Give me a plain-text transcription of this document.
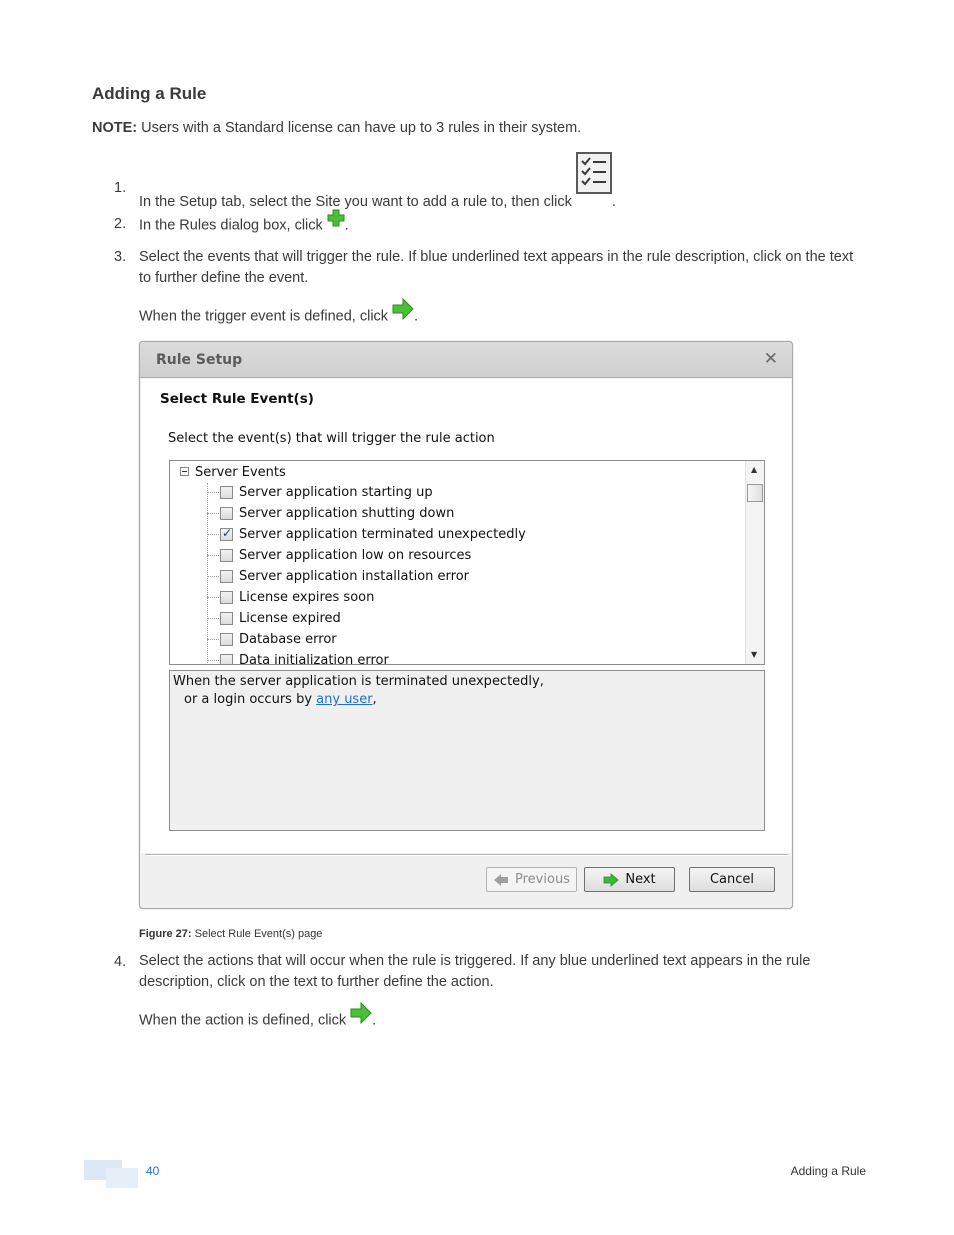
Adding a Rule
NOTE: Users with a Standard license can have up to 3 rules in their system.
1.
In the Setup tab, select the Site you want to add a rule to, then click .
2. In the Rules dialog box, click .
3. Select the events that will trigger the rule. If blue underlined text appears in the rule description, click on the text to further define the event.
When the trigger event is defined, click .
Rule Setup	✕
Select Rule Event(s)
Select the event(s) that will trigger the rule action
Server Events
Server application starting up
Server application shutting down
✓Server application terminated unexpectedly
Server application low on resources
Server application installation error
License expires soon
License expired
Database error
Data initialization error
▲
▼
When the server application is terminated unexpectedly,
or a login occurs by any user,
Previous	Next	Cancel
Figure 27: Select Rule Event(s) page
4. Select the actions that will occur when the rule is triggered. If any blue underlined text appears in the rule description, click on the text to further define the action.
When the action is defined, click .
40	Adding a Rule
